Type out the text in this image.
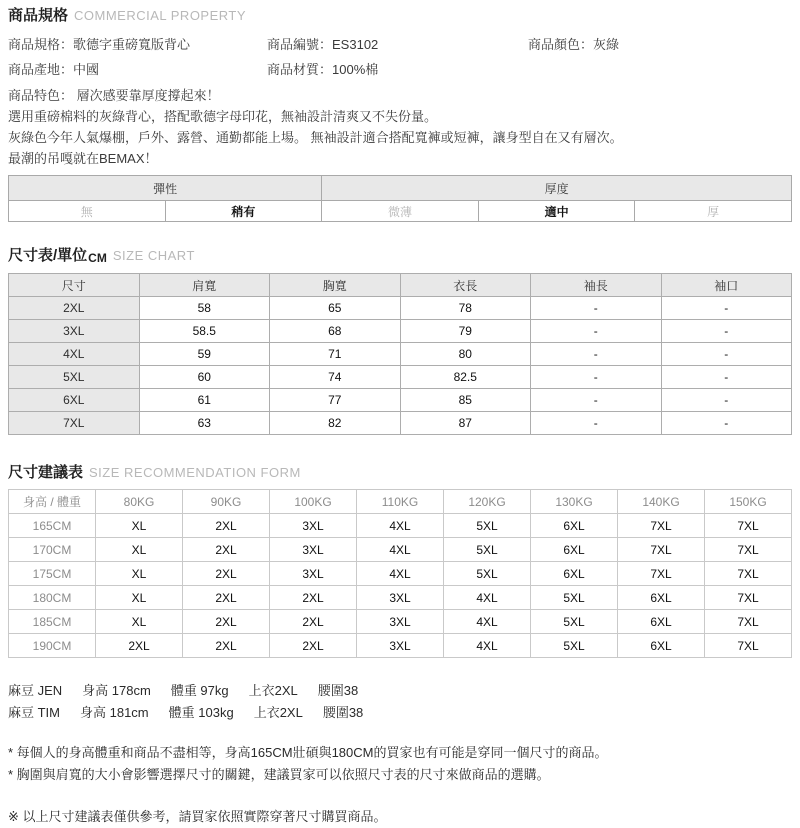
商品規格 COMMERCIAL PROPERTY
商品規格：歌德字重磅寬版背心	商品編號：ES3102	商品顏色：灰綠
商品產地：中國	商品材質：100%棉
商品特色： 層次感要靠厚度撐起來！
選用重磅棉料的灰綠背心，搭配歌德字母印花，無袖設計清爽又不失份量。
灰綠色今年人氣爆棚，戶外、露營、通勤都能上場。 無袖設計適合搭配寬褲或短褲，讓身型自在又有層次。
最潮的吊嘎就在BEMAX！
彈性		厚度		
無	稍有	微薄	適中	厚
尺寸表/單位CM SIZE CHART
尺寸	肩寬	胸寬	衣長	袖長	袖口
2XL	58	65	78	-	-
3XL	58.5	68	79	-	-
4XL	59	71	80	-	-
5XL	60	74	82.5	-	-
6XL	61	77	85	-	-
7XL	63	82	87	-	-
尺寸建議表 SIZE RECOMMENDATION FORM
身高 / 體重	80KG	90KG	100KG	110KG	120KG	130KG	140KG	150KG
165CM	XL	2XL	3XL	4XL	5XL	6XL	7XL	7XL
170CM	XL	2XL	3XL	4XL	5XL	6XL	7XL	7XL
175CM	XL	2XL	3XL	4XL	5XL	6XL	7XL	7XL
180CM	XL	2XL	2XL	3XL	4XL	5XL	6XL	7XL
185CM	XL	2XL	2XL	3XL	4XL	5XL	6XL	7XL
190CM	2XL	2XL	2XL	3XL	4XL	5XL	6XL	7XL
麻豆 JEN 身高 178cm 體重 97kg 上衣2XL 腰圍38
麻豆 TIM 身高 181cm 體重 103kg 上衣2XL 腰圍38
* 每個人的身高體重和商品不盡相等，身高165CM壯碩與180CM的買家也有可能是穿同一個尺寸的商品。
* 胸圍與肩寬的大小會影響選擇尺寸的關鍵，建議買家可以依照尺寸表的尺寸來做商品的選購。
※ 以上尺寸建議表僅供參考，請買家依照實際穿著尺寸購買商品。
